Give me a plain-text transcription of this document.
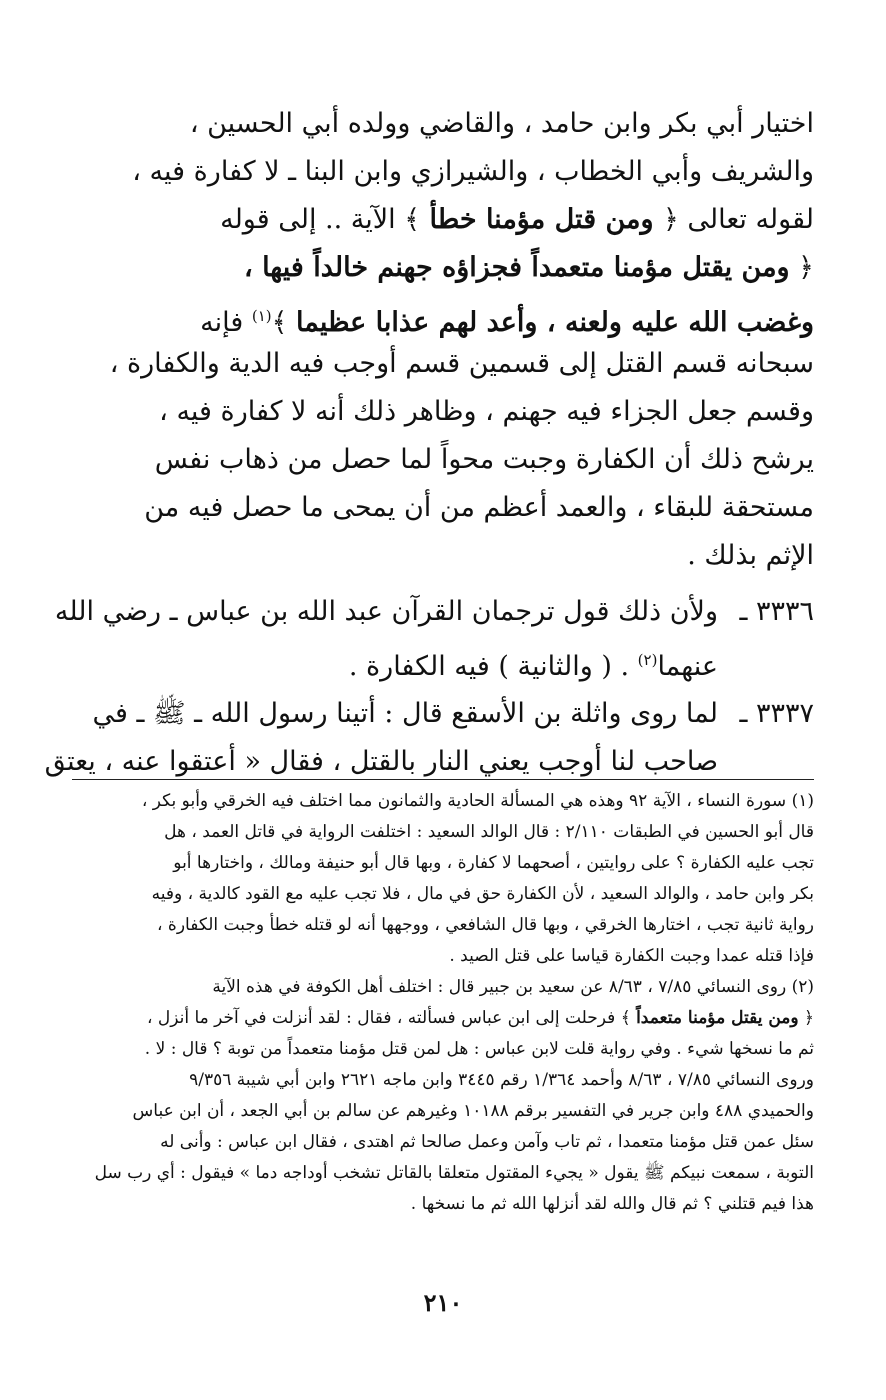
اختيار أبي بكر وابن حامد ، والقاضي وولده أبي الحسين ،
والشريف وأبي الخطاب ، والشيرازي وابن البنا ـ لا كفارة فيه ،
لقوله تعالى ﴿ ومن قتل مؤمنا خطأ ﴾ الآية .. إلى قوله
﴿ ومن يقتل مؤمنا متعمداً فجزاؤه جهنم خالداً فيها ،
وغضب الله عليه ولعنه ، وأعد لهم عذابا عظيما ﴾$^{(١)}$ فإنه
سبحانه قسم القتل إلى قسمين قسم أوجب فيه الدية والكفارة ،
وقسم جعل الجزاء فيه جهنم ، وظاهر ذلك أنه لا كفارة فيه ،
يرشح ذلك أن الكفارة وجبت محواً لما حصل من ذهاب نفس
مستحقة للبقاء ، والعمد أعظم من أن يمحى ما حصل فيه من
الإثم بذلك .
٣٣٣٦ ـ
ولأن ذلك قول ترجمان القرآن عبد الله بن عباس ـ رضي الله
عنهما$^{(٢)}$ . ( والثانية ) فيه الكفارة .
٣٣٣٧ ـ
لما روى واثلة بن الأسقع قال : أتينا رسول الله ـ ﷺ ـ في
صاحب لنا أوجب يعني النار بالقتل ، فقال « أعتقوا عنه ، يعتق
(١) سورة النساء ، الآية ٩٢ وهذه هي المسألة الحادية والثمانون مما اختلف فيه الخرقي وأبو بكر ،
قال أبو الحسين في الطبقات ٢/١١٠ : قال الوالد السعيد : اختلفت الرواية في قاتل العمد ، هل
تجب عليه الكفارة ؟ على روايتين ، أصحهما لا كفارة ، وبها قال أبو حنيفة ومالك ، واختارها أبو
بكر وابن حامد ، والوالد السعيد ، لأن الكفارة حق في مال ، فلا تجب عليه مع القود كالدية ، وفيه
رواية ثانية تجب ، اختارها الخرقي ، وبها قال الشافعي ، ووجهها أنه لو قتله خطأ وجبت الكفارة ،
فإذا قتله عمدا وجبت الكفارة قياسا على قتل الصيد .
(٢) روى النسائي ٧/٨٥ ، ٨/٦٣ عن سعيد بن جبير قال : اختلف أهل الكوفة في هذه الآية
﴿ ومن يقتل مؤمنا متعمداً ﴾ فرحلت إلى ابن عباس فسألته ، فقال : لقد أنزلت في آخر ما أنزل ،
ثم ما نسخها شيء . وفي رواية قلت لابن عباس : هل لمن قتل مؤمنا متعمداً من توبة ؟ قال : لا .
وروى النسائي ٧/٨٥ ، ٨/٦٣ وأحمد ١/٣٦٤ رقم ٣٤٤٥ وابن ماجه ٢٦٢١ وابن أبي شيبة ٩/٣٥٦
والحميدي ٤٨٨ وابن جرير في التفسير برقم ١٠١٨٨ وغيرهم عن سالم بن أبي الجعد ، أن ابن عباس
سئل عمن قتل مؤمنا متعمدا ، ثم تاب وآمن وعمل صالحا ثم اهتدى ، فقال ابن عباس : وأنى له
التوبة ، سمعت نبيكم ﷺ يقول « يجيء المقتول متعلقا بالقاتل تشخب أوداجه دما » فيقول : أي رب سل
هذا فيم قتلني ؟ ثم قال والله لقد أنزلها الله ثم ما نسخها .
٢١٠
